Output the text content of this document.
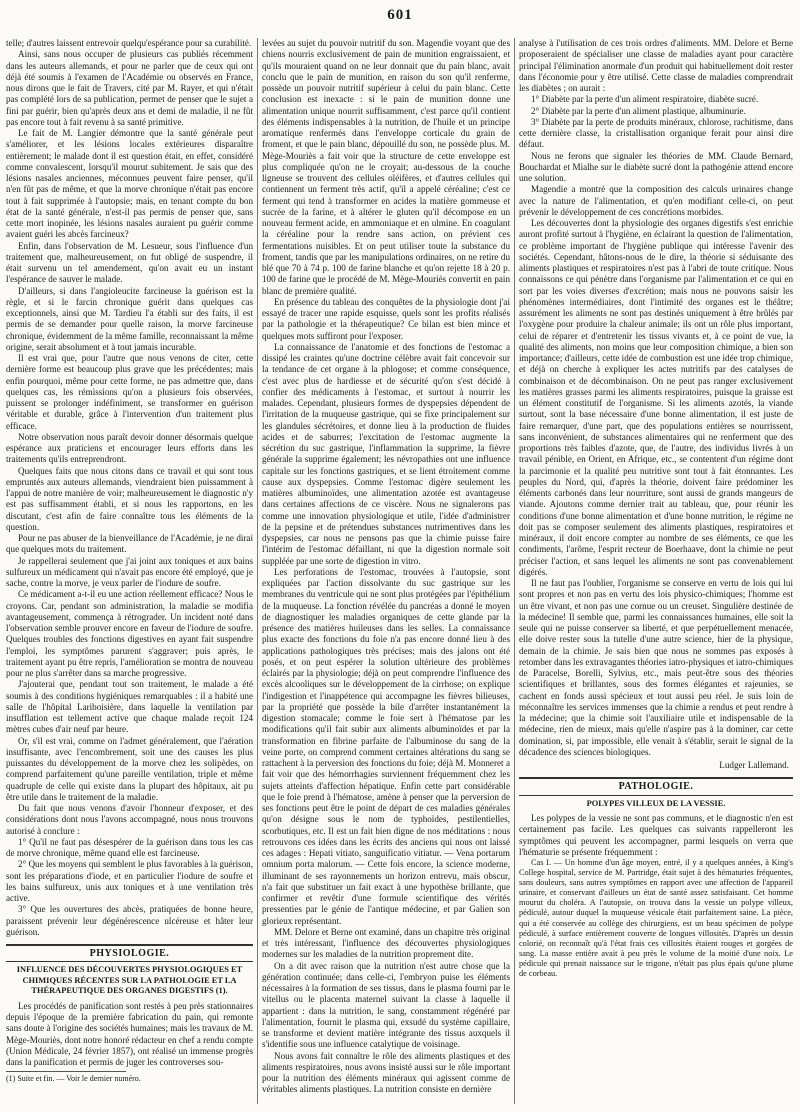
601

telle; d'autres laissent entrevoir quelqu'espérance pour sa curabilité.

Ainsi, sans nous occuper de plusieurs cas publiés récemment dans les auteurs allemands, et pour ne parler que de ceux qui ont déjà été soumis à l'examen de l'Académie ou observés en France, nous dirons que le fait de Travers, cité par M. Rayer, et qui n'était pas complété lors de sa publication, permet de penser que le sujet a fini par guérir, bien qu'après deux ans et demi de maladie, il ne fût pas encore tout à fait revenu à sa santé primitive.

Le fait de M. Langier démontre que la santé générale peut s'améliorer, et les lésions locales extérieures disparaître entièrement; le malade dont il est question était, en effet, considéré comme convalescent, lorsqu'il mourut subitement. Je sais que des lésions nasales anciennes, méconnues peuvent faire penser, qu'il n'en fût pas de même, et que la morve chronique n'était pas encore tout à fait supprimée à l'autopsie; mais, en tenant compte du bon état de la santé générale, n'est-il pas permis de penser que, sans cette mort inopinée, les lésions nasales auraient pu guérir comme avaient guéri les abcès farcineux?

Enfin, dans l'observation de M. Lesueur, sous l'influence d'un traitement que, malheureusement, on fut obligé de suspendre, il était survenu un tel amendement, qu'on avait eu un instant l'espérance de sauver le malade.

D'ailleurs, si dans l'angioleucite farcineuse la guérison est la règle, et si le farcin chronique guérit dans quelques cas exceptionnels, ainsi que M. Tardieu l'a établi sur des faits, il est permis de se demander pour quelle raison, la morve farcineuse chronique, évidemment de la même famille, reconnaissant la même origine, serait absolument et à tout jamais incurable.

Il est vrai que, pour l'autre que nous venons de citer, cette dernière forme est beaucoup plus grave que les précédentes; mais enfin pourquoi, même pour cette forme, ne pas admettre que, dans quelques cas, les rémissions qu'on a plusieurs fois observées, puissent se prolonger indéfiniment, se transformer en guérison véritable et durable, grâce à l'intervention d'un traitement plus efficace.

Notre observation nous paraît devoir donner désormais quelque espérance aux praticiens et encourager leurs efforts dans les traitements qu'ils entreprendront.

Quelques faits que nous citons dans ce travail et qui sont tous empruntés aux auteurs allemands, viendraient bien puissamment à l'appui de notre manière de voir; malheureusement le diagnostic n'y est pas suffisamment établi, et si nous les rapportons, en les discutant, c'est afin de faire connaître tous les éléments de la question.

Pour ne pas abuser de la bienveillance de l'Académie, je ne dirai que quelques mots du traitement.

Je rappellerai seulement que j'ai joint aux toniques et aux bains sulfureux un médicament qui n'avait pas encore été employé, que je sache, contre la morve, je veux parler de l'iodure de soufre.

Ce médicament a-t-il eu une action réellement efficace? Nous le croyons. Car, pendant son administration, la maladie se modifia avantageusement, commença à rétrograder. Un incident noté dans l'observation semble prouver encore en faveur de l'iodure de soufre. Quelques troubles des fonctions digestives en ayant fait suspendre l'emploi, les symptômes parurent s'aggraver; puis après, le traitement ayant pu être repris, l'amélioration se montra de nouveau pour ne plus s'arrêter dans sa marche progressive.

J'ajouterai que, pendant tout son traitement, le malade a été soumis à des conditions hygiéniques remarquables : il a habité une salle de l'hôpital Lariboisière, dans laquelle la ventilation par insufflation est tellement active que chaque malade reçoit 124 mètres cubes d'air neuf par heure.

Or, s'il est vrai, comme on l'admet généralement, que l'aération insuffisante, avec l'encombrement, soit une des causes les plus puissantes du développement de la morve chez les solipèdes, on comprend parfaitement qu'une pareille ventilation, triple et même quadruple de celle qui existe dans la plupart des hôpitaux, ait pu être utile dans le traitement de la maladie.

Du fait que nous venons d'avoir l'honneur d'exposer, et des considérations dont nous l'avons accompagné, nous nous trouvons autorisé à conclure :

1° Qu'il ne faut pas désespérer de la guérison dans tous les cas de morve chronique, même quand elle est farcineuse.

2° Que les moyens qui semblent le plus favorables à la guérison, sont les préparations d'iode, et en particulier l'iodure de soufre et les bains sulfureux, unis aux toniques et à une ventilation très active.

3° Que les ouvertures des abcès, pratiquées de bonne heure, paraissent prévenir leur dégénérescence ulcéreuse et hâter leur guérison.

PHYSIOLOGIE.
INFLUENCE DES DÉCOUVERTES PHYSIOLOGIQUES ET CHIMIQUES RÉCENTES SUR LA PATHOLOGIE ET LA THÉRAPEUTIQUE DES ORGANES DIGESTIFS (1).

Les procédés de panification sont restés à peu près stationnaires depuis l'époque de la première fabrication du pain, qui remonte sans doute à l'origine des sociétés humaines; mais les travaux de M. Mège-Mouriès, dont notre honoré rédacteur en chef a rendu compte (Union Médicale, 24 février 1857), ont réalisé un immense progrès dans la panification et permis de juger les controverses sou-

(1) Suite et fin. — Voir le dernier numéro.

levées au sujet du pouvoir nutritif du son. Magendie voyant que des chiens nourris exclusivement de pain de munition engraissaient, et qu'ils mouraient quand on ne leur donnait que du pain blanc, avait conclu que le pain de munition, en raison du son qu'il renferme, possède un pouvoir nutritif supérieur à celui du pain blanc. Cette conclusion est inexacte : si le pain de munition donne une alimentation unique nourrit suffisamment, c'est parce qu'il contient des éléments indispensables à la nutrition, de l'huile et un principe aromatique renfermés dans l'enveloppe corticale du grain de froment, et que le pain blanc, dépouillé du son, ne possède plus. M. Mège-Mouriès a fait voir que la structure de cette enveloppe est plus compliquée qu'on ne le croyait; au-dessous de la couche ligneuse se trouvent des cellules oléifères, et d'autres cellules qui contiennent un ferment très actif, qu'il a appelé céréaline; c'est ce ferment qui tend à transformer en acides la matière gommeuse et sucrée de la farine, et à altérer le gluten qu'il décompose en un nouveau ferment acide, en ammoniaque et en ulmine. En coagulant la céréaline pour la rendre sans action, on prévient ces fermentations nuisibles. Et on peut utiliser toute la substance du froment, tandis que par les manipulations ordinaires, on ne retire du blé que 70 à 74 p. 100 de farine blanche et qu'on rejette 18 à 20 p. 100 de farine que le procédé de M. Mège-Mouriès convertit en pain blanc de première qualité.

En présence du tableau des conquêtes de la physiologie dont j'ai essayé de tracer une rapide esquisse, quels sont les profits réalisés par la pathologie et la thérapeutique? Ce bilan est bien mince et quelques mots suffiront pour l'exposer.

La connaissance de l'anatomie et des fonctions de l'estomac a dissipé les craintes qu'une doctrine célèbre avait fait concevoir sur la tendance de cet organe à la phlogose; et comme conséquence, c'est avec plus de hardiesse et de sécurité qu'on s'est décidé à confier des médicaments à l'estomac, et surtout à nourrir les malades. Cependant, plusieurs formes de dyspepsies dépendent de l'irritation de la muqueuse gastrique, qui se fixe principalement sur les glandules sécrétoires, et donne lieu à la production de fluides acides et de saburres; l'excitation de l'estomac augmente la sécrétion du suc gastrique, l'inflammation la supprime, la fièvre générale la supprime également; les névropathies ont une influence capitale sur les fonctions gastriques, et se lient étroitement comme cause aux dyspepsies. Comme l'estomac digère seulement les matières albuminoïdes, une alimentation azotée est avantageuse dans certaines affections de ce viscère. Nous ne signalerons pas comme une innovation physiologique et utile, l'idée d'administrer de la pepsine et de prétendues substances nutrimentives dans les dyspepsies, car nous ne pensons pas que la chimie puisse faire l'intérim de l'estomac défaillant, ni que la digestion normale soit suppléée par une sorte de digestion in vitro.

Les perforations de l'estomac, trouvées à l'autopsie, sont expliquées par l'action dissolvante du suc gastrique sur les membranes du ventricule qui ne sont plus protégées par l'épithélium de la muqueuse. La fonction révélée du pancréas a donné le moyen de diagnostiquer les maladies organiques de cette glande par la présence des matières huileuses dans les selles. La connaissance plus exacte des fonctions du foie n'a pas encore donné lieu à des applications pathologiques très précises; mais des jalons ont été posés, et on peut espérer la solution ultérieure des problèmes éclairés par la physiologie; déjà on peut comprendre l'influence des excès alcooliques sur le développement de la cirrhose; on explique l'indigestion et l'inappétence qui accompagne les fièvres bilieuses, par la propriété que possède la bile d'arrêter instantanément la digestion stomacale; comme le foie sert à l'hématose par les modifications qu'il fait subir aux aliments albuminoïdes et par la transformation en fibrine parfaite de l'albuminose du sang de la veine porte, on comprend comment certaines altérations du sang se rattachent à la perversion des fonctions du foie; déjà M. Monneret a fait voir que des hémorrhagies surviennent fréquemment chez les sujets atteints d'affection hépatique. Enfin cette part considérable que le foie prend à l'hématose, amène à penser que la perversion de ses fonctions peut être le point de départ de ces maladies générales qu'on désigne sous le nom de typhoïdes, pestilentielles, scorbutiques, etc. Il est un fait bien digne de nos méditations : nous retrouvons ces idées dans les écrits des anciens qui nous ont laissé ces adages : Hepati vitiato, sanguificatio vitiatur. — Vena portarum omnium porta malorum. — Cette fois encore, la science moderne, illuminant de ses rayonnements un horizon entrevu, mais obscur, n'a fait que substituer un fait exact à une hypothèse brillante, que confirmer et revêtir d'une formule scientifique des vérités pressenties par le génie de l'antique médecine, et par Galien son glorieux représentant.

MM. Delore et Berne ont examiné, dans un chapitre très original et très intéressant, l'influence des découvertes physiologiques modernes sur les maladies de la nutrition proprement dite.

On a dit avec raison que la nutrition n'est autre chose que la génération continuée; dans celle-ci, l'embryon puise les éléments nécessaires à la formation de ses tissus, dans le plasma fourni par le vitellus ou le placenta maternel suivant la classe à laquelle il appartient : dans la nutrition, le sang, constamment régénéré par l'alimentation, fournit le plasma qui, exsudé du système capillaire, se transforme et devient matière intégrante des tissus auxquels il s'identifie sous une influence catalytique de voisinage.

Nous avons fait connaître le rôle des aliments plastiques et des aliments respiratoires, nous avons insisté aussi sur le rôle important pour la nutrition des éléments minéraux qui agissent comme de véritables aliments plastiques. La nutrition consiste en dernière

analyse à l'utilisation de ces trois ordres d'aliments. MM. Delore et Berne proposeraient de spécialiser une classe de maladies ayant pour caractère principal l'élimination anormale d'un produit qui habituellement doit rester dans l'économie pour y être utilisé. Cette classe de maladies comprendrait les diabètes ; on aurait :

1° Diabète par la perte d'un aliment respiratoire, diabète sucré.

2° Diabète par la perte d'un aliment plastique, albuminurie.

3° Diabète par la perte de produits minéraux, chlorose, rachitisme, dans cette dernière classe, la cristallisation organique ferait pour ainsi dire défaut.

Nous ne ferons que signaler les théories de MM. Claude Bernard, Bouchardat et Mialhe sur le diabète sucré dont la pathogénie attend encore une solution.

Magendie a montré que la composition des calculs urinaires change avec la nature de l'alimentation, et qu'en modifiant celle-ci, on peut prévenir le développement de ces concrétions morbides.

Les découvertes dont la physiologie des organes digestifs s'est enrichie auront profité surtout à l'hygiène, en éclairant la question de l'alimentation, ce problème important de l'hygiène publique qui intéresse l'avenir des sociétés. Cependant, hâtons-nous de le dire, la théorie si séduisante des aliments plastiques et respiratoires n'est pas à l'abri de toute critique. Nous connaissons ce qui pénètre dans l'organisme par l'alimentation et ce qui en sort par les voies diverses d'excrétion; mais nous ne pouvons saisir les phénomènes intermédiaires, dont l'intimité des organes est le théâtre; assurément les aliments ne sont pas destinés uniquement à être brûlés par l'oxygène pour produire la chaleur animale; ils ont un rôle plus important, celui de réparer et d'entretenir les tissus vivants et, à ce point de vue, la qualité des aliments, non moins que leur composition chimique, a bien son importance; d'ailleurs, cette idée de combustion est une idée trop chimique, et déjà on cherche à expliquer les actes nutritifs par des catalyses de combinaison et de décombinaison. On ne peut pas ranger exclusivement les matières grasses parmi les aliments respiratoires, puisque la graisse est un élément constitutif de l'organisme. Si les aliments azotés, la viande surtout, sont la base nécessaire d'une bonne alimentation, il est juste de faire remarquer, d'une part, que des populations entières se nourrissent, sans inconvénient, de substances alimentaires qui ne renferment que des proportions très faibles d'azote, que, de l'autre, des individus livrés à un travail pénible, en Orient, en Afrique, etc., se contentent d'un régime dont la parcimonie et la qualité peu nutritive sont tout à fait étonnantes. Les peuples du Nord, qui, d'après la théorie, doivent faire prédominer les éléments carbonés dans leur nourriture, sont aussi de grands mangeurs de viande. Ajoutons comme dernier trait au tableau, que, pour réunir les conditions d'une bonne alimentation et d'une bonne nutrition, le régime ne doit pas se composer seulement des aliments plastiques, respiratoires et minéraux, il doit encore compter au nombre de ses éléments, ce que les condiments, l'arôme, l'esprit recteur de Boerhaave, dont la chimie ne peut préciser l'action, et sans lequel les aliments ne sont pas convenablement digérés.

Il ne faut pas l'oublier, l'organisme se conserve en vertu de lois qui lui sont propres et non pas en vertu des lois physico-chimiques; l'homme est un être vivant, et non pas une cornue ou un creuset. Singulière destinée de la médecine! Il semble que, parmi les connaissances humaines, elle soit la seule qui ne puisse conserver sa liberté, et que perpétuellement menacée, elle doive rester sous la tutelle d'une autre science, hier de la physique, demain de la chimie. Je sais bien que nous ne sommes pas exposés à retomber dans les extravagantes théories iatro-physiques et iatro-chimiques de Paracelse, Borelli, Sylvius, etc., mais peut-être sous des théories scientifiques et brillantes, sous des formes élégantes et rajeunies, se cachent en fonds aussi spécieux et tout aussi peu réel. Je suis loin de méconnaître les services immenses que la chimie a rendus et peut rendre à la médecine; que la chimie soit l'auxiliaire utile et indispensable de la médecine, rien de mieux, mais qu'elle n'aspire pas à la dominer, car cette domination, si, par impossible, elle venait à s'établir, serait le signal de la décadence des sciences biologiques.

Ludger Lallemand.
PATHOLOGIE.
POLYPES VILLEUX DE LA VESSIE.

Les polypes de la vessie ne sont pas communs, et le diagnostic n'en est certainement pas facile. Les quelques cas suivants rappelleront les symptômes qui peuvent les accompagner, parmi lesquels on verra que l'hématurie se présente fréquemment :

Cas I. — Un homme d'un âge moyen, entré, il y a quelques années, à King's College hospital, service de M. Partridge, était sujet à des hématuries fréquentes, sans douleurs, sans autres symptômes en rapport avec une affection de l'appareil urinaire, et conservant d'ailleurs un état de santé assez satisfaisant. Cet homme mourut du choléra. A l'autopsie, on trouva dans la vessie un polype villeux, pédiculé, autour duquel la muqueuse vésicale était parfaitement saine. La pièce, qui a été conservée au collège des chirurgiens, est un beau spécimen de polype pédiculé, à surface entièrement couverte de longues villosités. D'après un dessin colorié, on reconnaît qu'à l'état frais ces villosités étaient rouges et gorgées de sang. La masse entière avait à peu près le volume de la moitié d'une noix. Le pédicule qui prenait naissance sur le trigone, n'était pas plus épais qu'une plume de corbeau.
